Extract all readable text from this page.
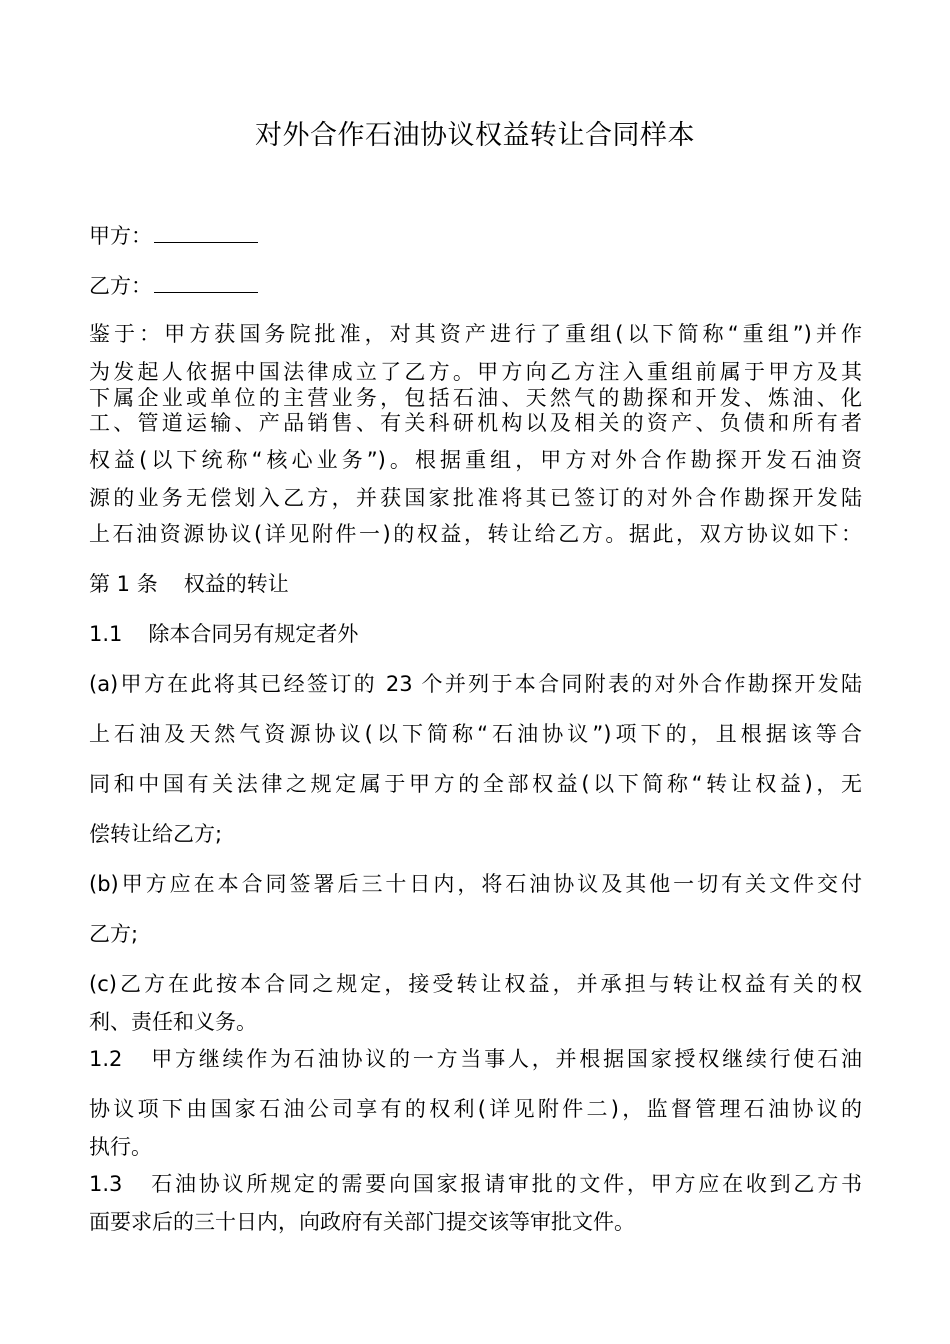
对外合作石油协议权益转让合同样本

甲方：

乙方：

鉴于：甲方获国务院批准，对其资产进行了重组(以下简称“重组”)并作

为发起人依据中国法律成立了乙方。甲方向乙方注入重组前属于甲方及其

下属企业或单位的主营业务，包括石油、天然气的勘探和开发、炼油、化

工、管道运输、产品销售、有关科研机构以及相关的资产、负债和所有者

权益(以下统称“核心业务”)。根据重组，甲方对外合作勘探开发石油资

源的业务无偿划入乙方，并获国家批准将其已签订的对外合作勘探开发陆

上石油资源协议(详见附件一)的权益，转让给乙方。据此，双方协议如下：

第 1 条 权益的转让

1.1 除本合同另有规定者外

(a)甲方在此将其已经签订的 23 个并列于本合同附表的对外合作勘探开发陆

上石油及天然气资源协议(以下简称“石油协议”)项下的，且根据该等合

同和中国有关法律之规定属于甲方的全部权益(以下简称“转让权益)，无

偿转让给乙方;

(b)甲方应在本合同签署后三十日内，将石油协议及其他一切有关文件交付

乙方;

(c)乙方在此按本合同之规定，接受转让权益，并承担与转让权益有关的权

利、责任和义务。

1.2 甲方继续作为石油协议的一方当事人，并根据国家授权继续行使石油

协议项下由国家石油公司享有的权利(详见附件二)，监督管理石油协议的

执行。

1.3 石油协议所规定的需要向国家报请审批的文件，甲方应在收到乙方书

面要求后的三十日内，向政府有关部门提交该等审批文件。
